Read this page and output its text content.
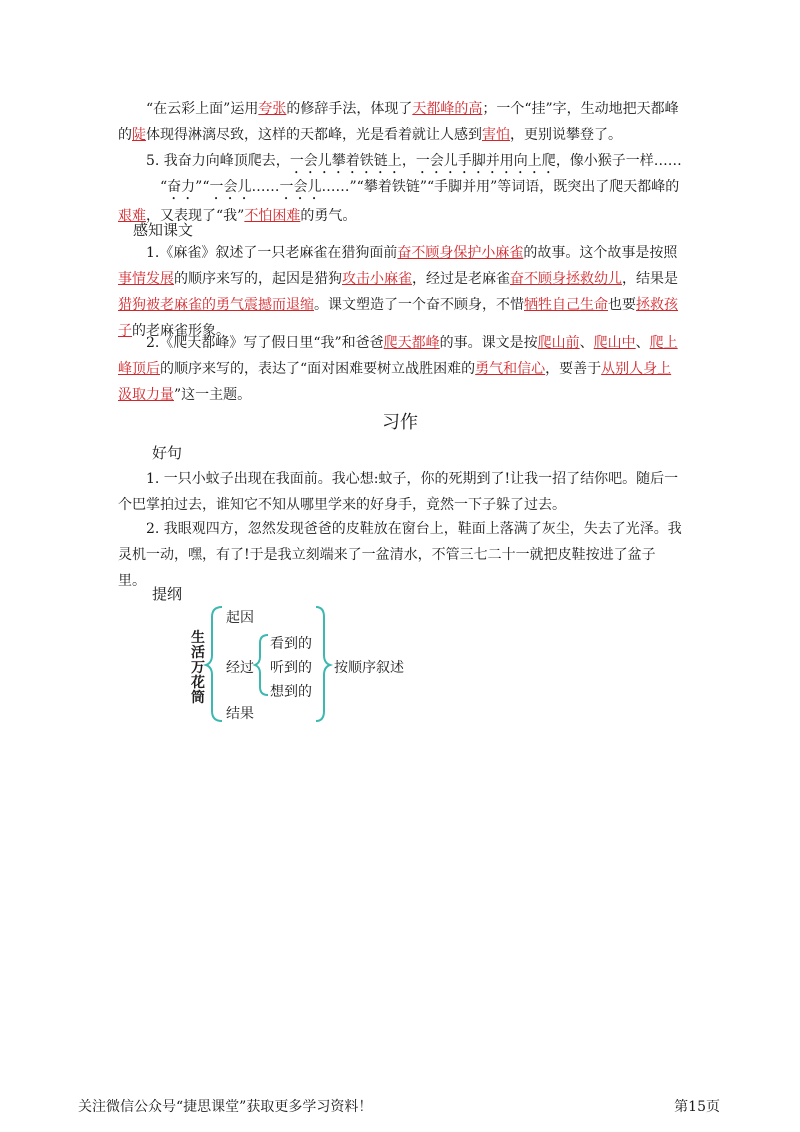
“在云彩上面”运用夸张的修辞手法，体现了天都峰的高；一个“挂”字，生动地把天都峰的陡体现得淋漓尽致，这样的天都峰，光是看着就让人感到害怕，更别说攀登了。

5. 我奋力向峰顶爬去，一会儿攀着铁链上，一会儿手脚并用向上爬，像小猴子一样……

“奋力”“一会儿……一会儿……”“攀着铁链”“手脚并用”等词语，既突出了爬天都峰的艰难，又表现了“我”不怕困难的勇气。

感知课文

1.《麻雀》叙述了一只老麻雀在猎狗面前奋不顾身保护小麻雀的故事。这个故事是按照事情发展的顺序来写的，起因是猎狗攻击小麻雀，经过是老麻雀奋不顾身拯救幼儿，结果是猎狗被老麻雀的勇气震撼而退缩。课文塑造了一个奋不顾身，不惜牺牲自己生命也要拯救孩子的老麻雀形象。

2.《爬天都峰》写了假日里“我”和爸爸爬天都峰的事。课文是按爬山前、爬山中、爬上峰顶后的顺序来写的，表达了“面对困难要树立战胜困难的勇气和信心，要善于从别人身上汲取力量”这一主题。

习作
好句

1. 一只小蚊子出现在我面前。我心想:蚊子，你的死期到了!让我一招了结你吧。随后一个巴掌拍过去，谁知它不知从哪里学来的好身手，竟然一下子躲了过去。

2. 我眼观四方，忽然发现爸爸的皮鞋放在窗台上，鞋面上落满了灰尘，失去了光泽。我灵机一动，嘿，有了!于是我立刻端来了一盆清水，不管三七二十一就把皮鞋按进了盆子里。

提纲
生
活
万
花
筒
起因
经过
结果
看到的
听到的
想到的
按顺序叙述
关注微信公众号“捷思课堂”获取更多学习资料！	第15页
